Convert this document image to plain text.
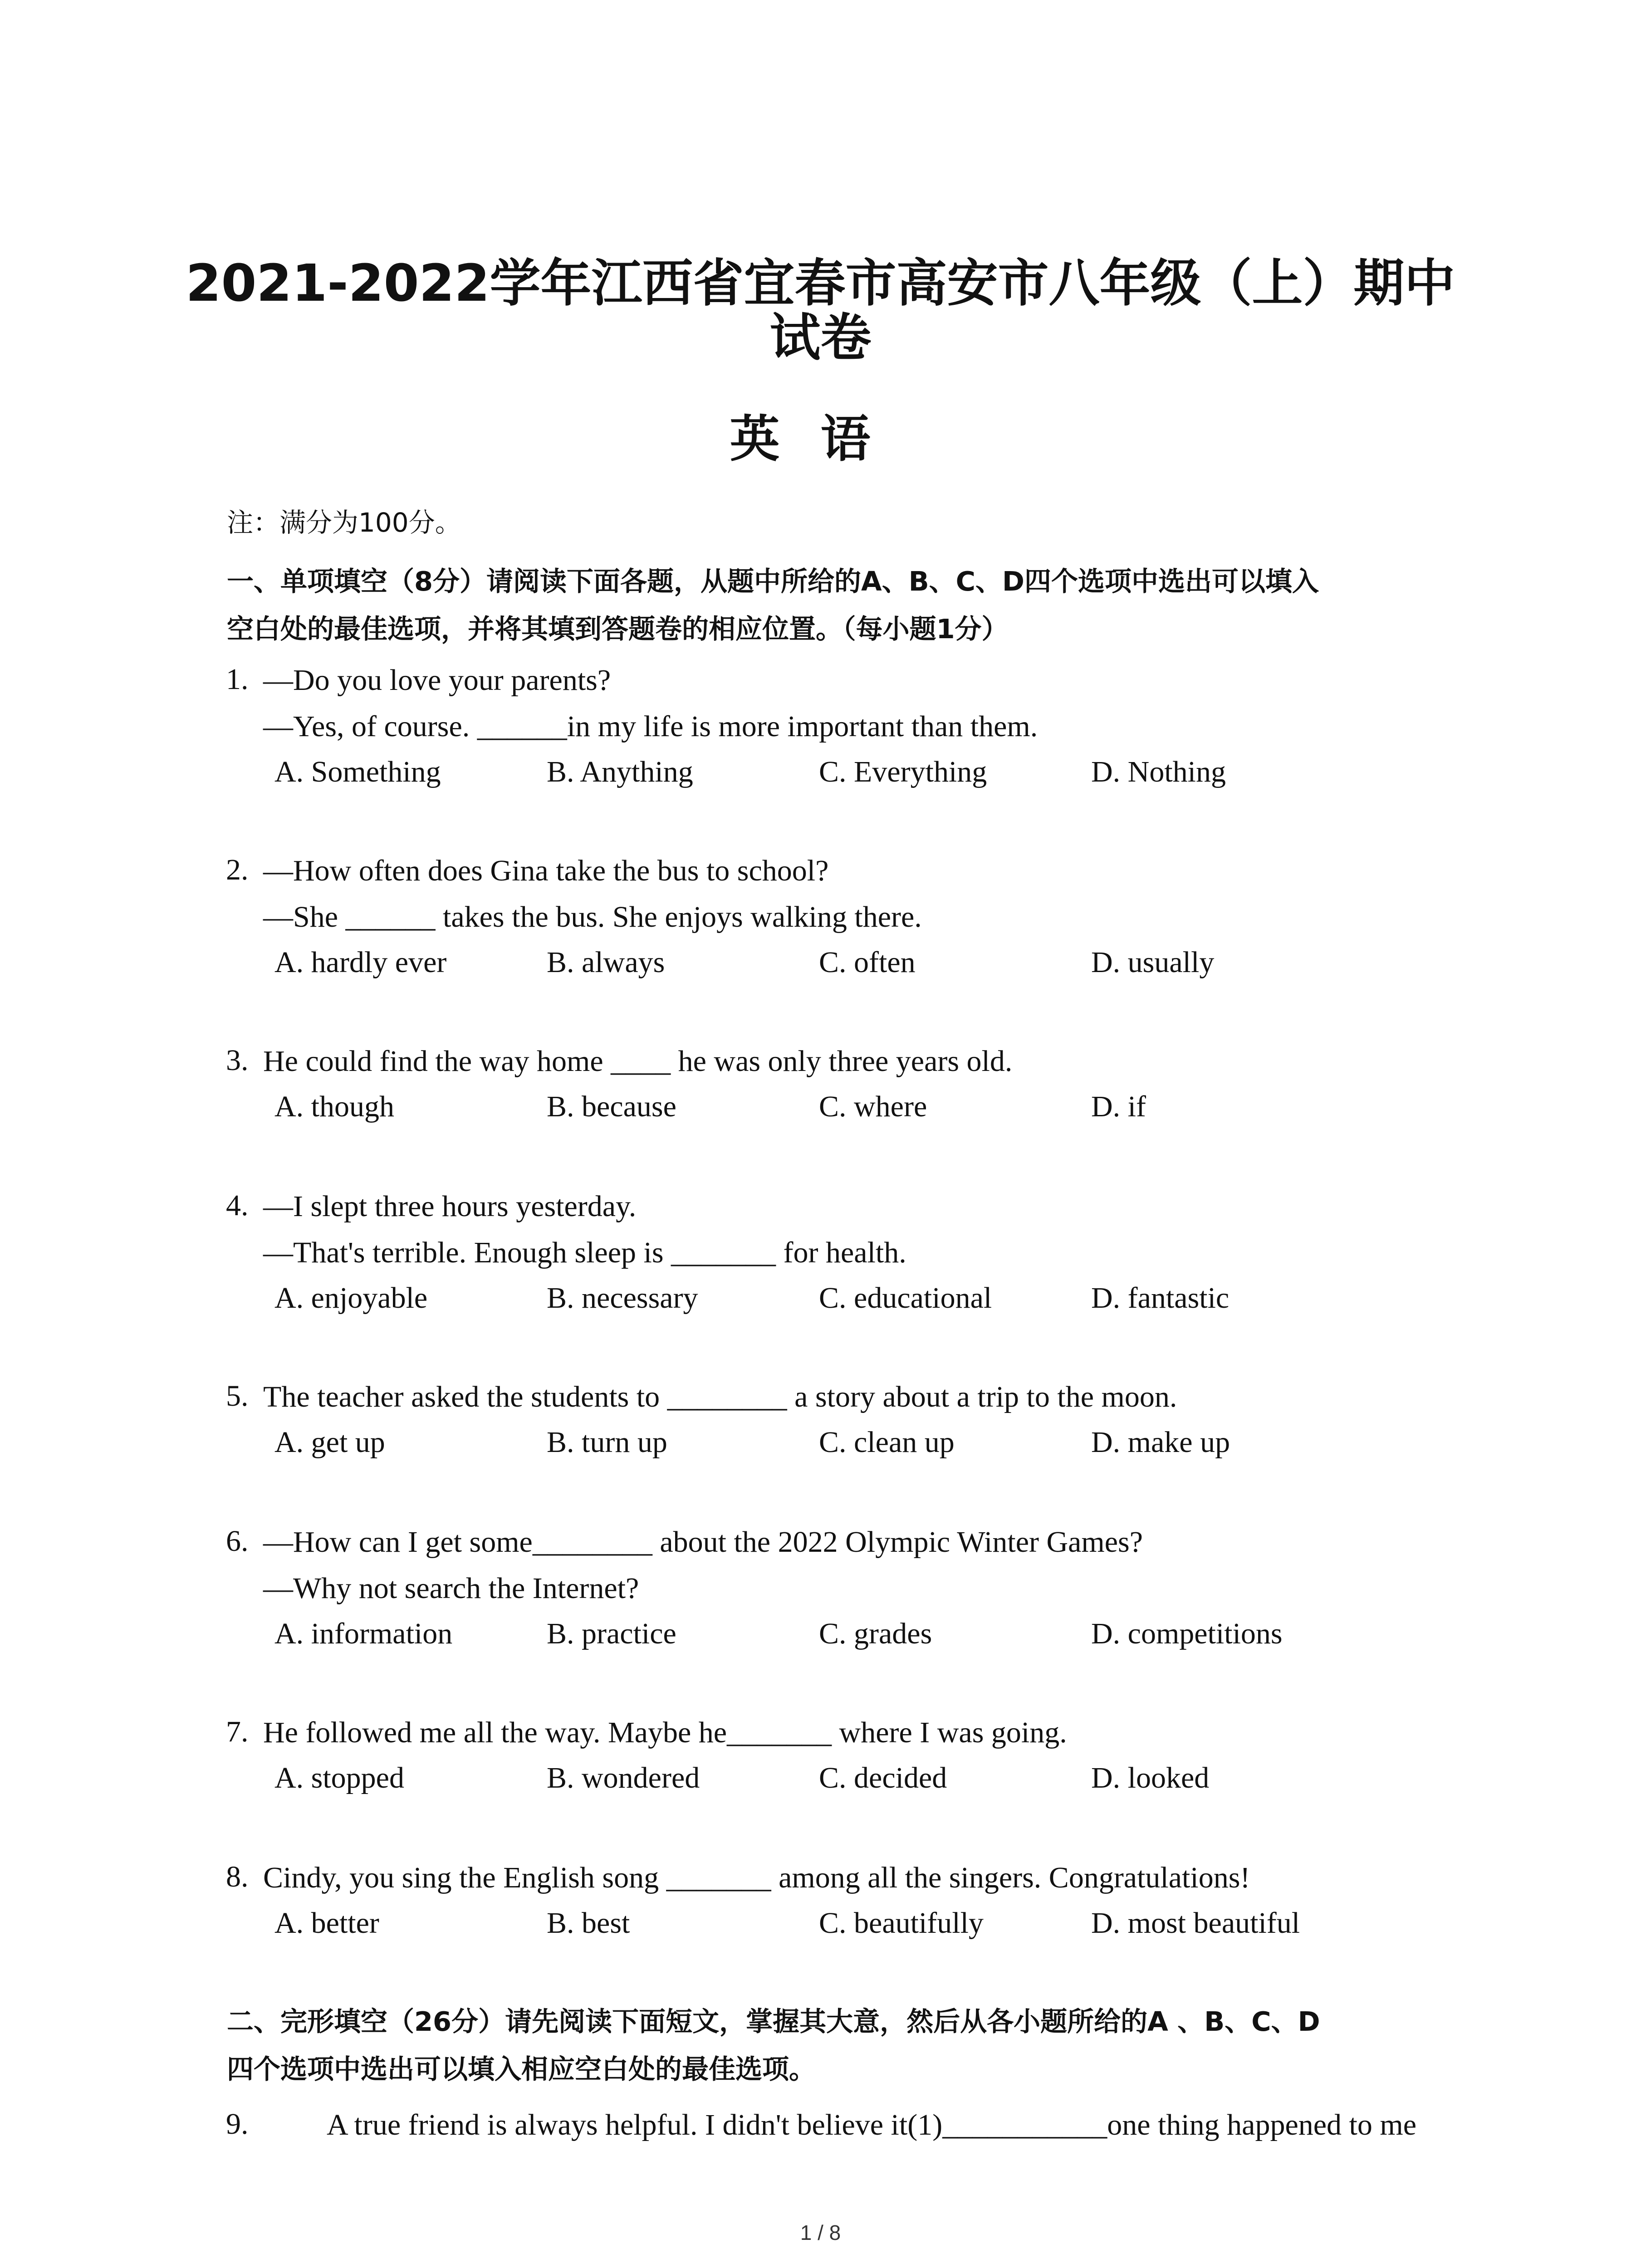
2021-2022学年江西省宜春市高安市八年级（上）期中
试卷
英语
注：满分为100分。
一、单项填空（8分）请阅读下面各题，从题中所给的A、B、C、D四个选项中选出可以填入
空白处的最佳选项，并将其填到答题卷的相应位置。（每小题1分）
1. —Do you love your parents?
—Yes, of course. ______in my life is more important than them.
A. Something	B. Anything	C. Everything	D. Nothing
2. —How often does Gina take the bus to school?
—She ______ takes the bus. She enjoys walking there.
A. hardly ever	B. always	C. often	D. usually
3. He could find the way home ____ he was only three years old.
A. though	B. because	C. where	D. if
4. —I slept three hours yesterday.
—That's terrible. Enough sleep is _______ for health.
A. enjoyable	B. necessary	C. educational	D. fantastic
5. The teacher asked the students to ________ a story about a trip to the moon.
A. get up	B. turn up	C. clean up	D. make up
6. —How can I get some________ about the 2022 Olympic Winter Games?
—Why not search the Internet?
A. information	B. practice	C. grades	D. competitions
7. He followed me all the way. Maybe he_______ where I was going.
A. stopped	B. wondered	C. decided	D. looked
8. Cindy, you sing the English song _______ among all the singers. Congratulations!
A. better	B. best	C. beautifully	D. most beautiful
二、完形填空（26分）请先阅读下面短文，掌握其大意，然后从各小题所给的A 、B、C、D
四个选项中选出可以填入相应空白处的最佳选项。
9.	A true friend is always helpful. I didn't believe it(1)___________one thing happened to me
1 / 8
